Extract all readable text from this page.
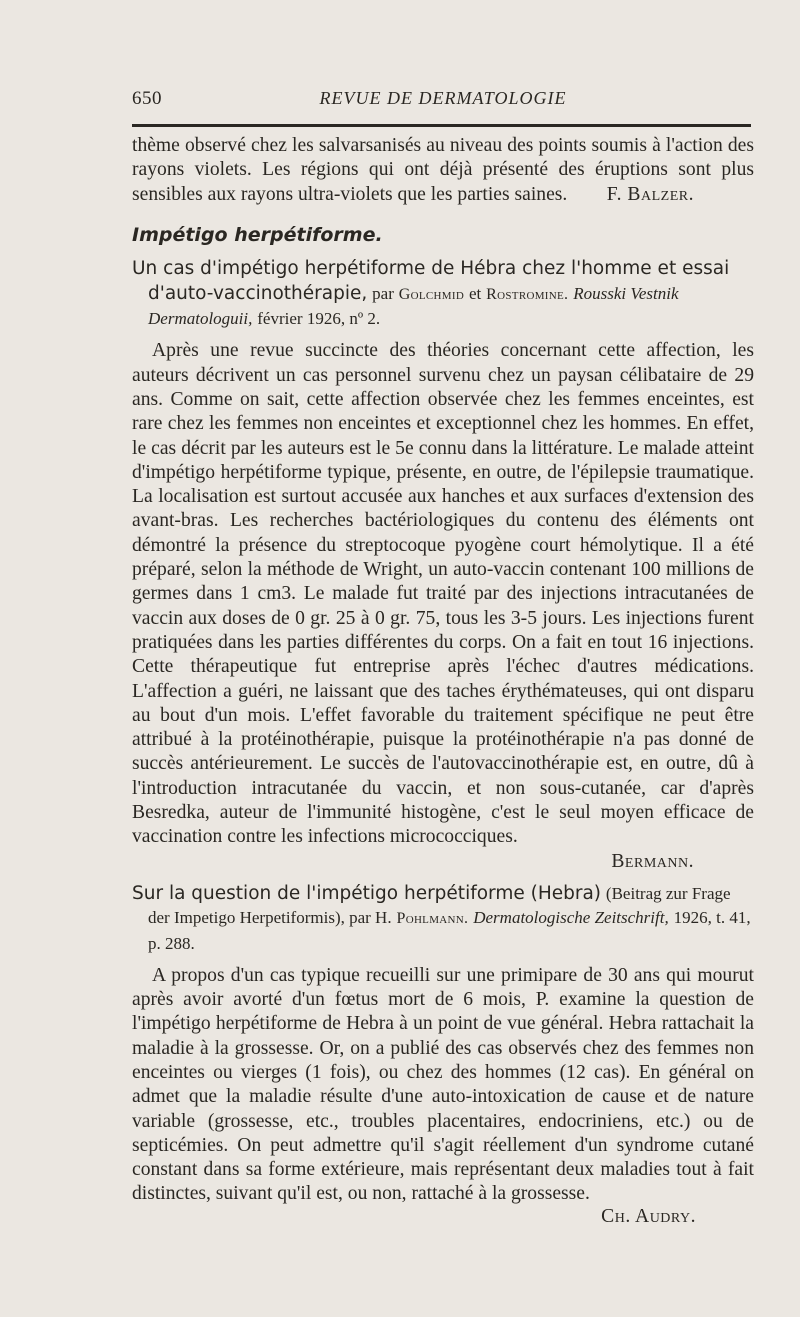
650	REVUE DE DERMATOLOGIE

thème observé chez les salvarsanisés au niveau des points soumis à l'action des rayons violets. Les régions qui ont déjà présenté des éruptions sont plus sensibles aux rayons ultra-violets que les parties saines.	F. Balzer.

Impétigo herpétiforme.

Un cas d'impétigo herpétiforme de Hébra chez l'homme et essai d'auto-vaccinothérapie, par Golchmid et Rostromine. Rousski Vestnik Dermatologuii, février 1926, nº 2.

Après une revue succincte des théories concernant cette affection, les auteurs décrivent un cas personnel survenu chez un paysan célibataire de 29 ans. Comme on sait, cette affection observée chez les femmes enceintes, est rare chez les femmes non enceintes et exceptionnel chez les hommes. En effet, le cas décrit par les auteurs est le 5e connu dans la littérature. Le malade atteint d'impétigo herpétiforme typique, présente, en outre, de l'épilepsie traumatique. La localisation est surtout accusée aux hanches et aux surfaces d'extension des avant-bras. Les recherches bactériologiques du contenu des éléments ont démontré la présence du streptocoque pyogène court hémolytique. Il a été préparé, selon la méthode de Wright, un auto-vaccin contenant 100 millions de germes dans 1 cm3. Le malade fut traité par des injections intracutanées de vaccin aux doses de 0 gr. 25 à 0 gr. 75, tous les 3-5 jours. Les injections furent pratiquées dans les parties différentes du corps. On a fait en tout 16 injections. Cette thérapeutique fut entreprise après l'échec d'autres médications. L'affection a guéri, ne laissant que des taches érythémateuses, qui ont disparu au bout d'un mois. L'effet favorable du traitement spécifique ne peut être attribué à la protéinothérapie, puisque la protéinothérapie n'a pas donné de succès antérieurement. Le succès de l'autovaccinothérapie est, en outre, dû à l'introduction intracutanée du vaccin, et non sous-cutanée, car d'après Besredka, auteur de l'immunité histogène, c'est le seul moyen efficace de vaccination contre les infections micrococciques.

Bermann.

Sur la question de l'impétigo herpétiforme (Hebra) (Beitrag zur Frage der Impetigo Herpetiformis), par H. Pohlmann. Dermatologische Zeitschrift, 1926, t. 41, p. 288.

A propos d'un cas typique recueilli sur une primipare de 30 ans qui mourut après avoir avorté d'un fœtus mort de 6 mois, P. examine la question de l'impétigo herpétiforme de Hebra à un point de vue général. Hebra rattachait la maladie à la grossesse. Or, on a publié des cas observés chez des femmes non enceintes ou vierges (1 fois), ou chez des hommes (12 cas). En général on admet que la maladie résulte d'une auto-intoxication de cause et de nature variable (grossesse, etc., troubles placentaires, endocriniens, etc.) ou de septicémies. On peut admettre qu'il s'agit réellement d'un syndrome cutané constant dans sa forme extérieure, mais représentant deux maladies tout à fait distinctes, suivant qu'il est, ou non, rattaché à la grossesse.

Ch. Audry.
